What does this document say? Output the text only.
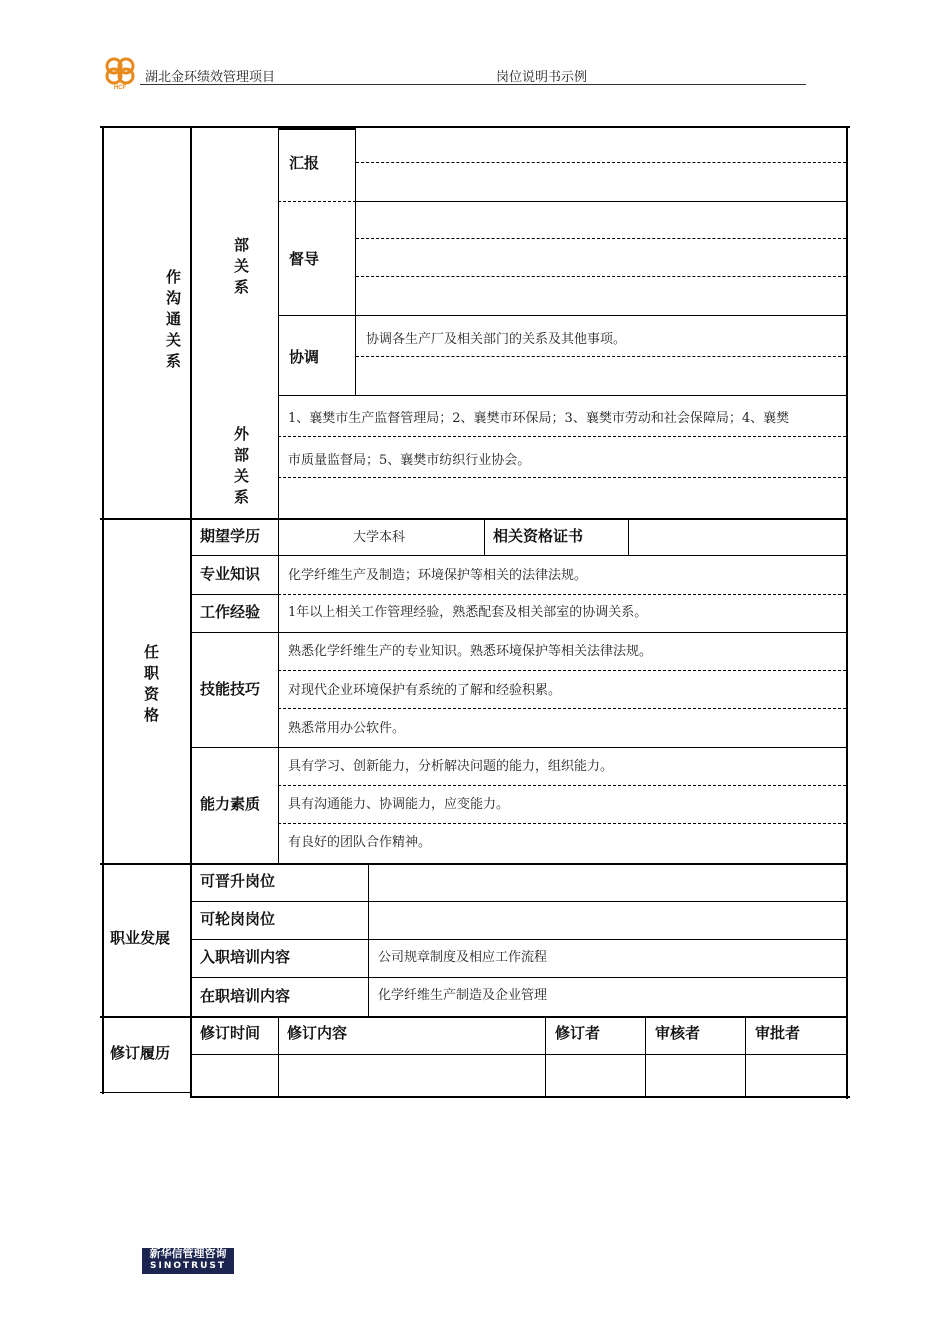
HCF
湖北金环绩效管理项目	岗位说明书示例
作沟通关系
部关系
汇报
督导
协调
协调各生产厂及相关部门的关系及其他事项。
外部关系
1、襄樊市生产监督管理局；2、襄樊市环保局；3、襄樊市劳动和社会保障局；4、襄樊
市质量监督局；5、襄樊市纺织行业协会。
任职资格
期望学历	大学本科	相关资格证书
专业知识 化学纤维生产及制造；环境保护等相关的法律法规。
工作经验 1年以上相关工作管理经验，熟悉配套及相关部室的协调关系。
技能技巧
熟悉化学纤维生产的专业知识。熟悉环境保护等相关法律法规。
对现代企业环境保护有系统的了解和经验积累。
熟悉常用办公软件。
能力素质
具有学习、创新能力，分析解决问题的能力，组织能力。
具有沟通能力、协调能力，应变能力。
有良好的团队合作精神。
职业发展
可晋升岗位
可轮岗岗位
入职培训内容	公司规章制度及相应工作流程
在职培训内容	化学纤维生产制造及企业管理
修订履历
修订时间 修订内容	修订者	审核者	审批者
新华信管理咨询
SINOTRUST
